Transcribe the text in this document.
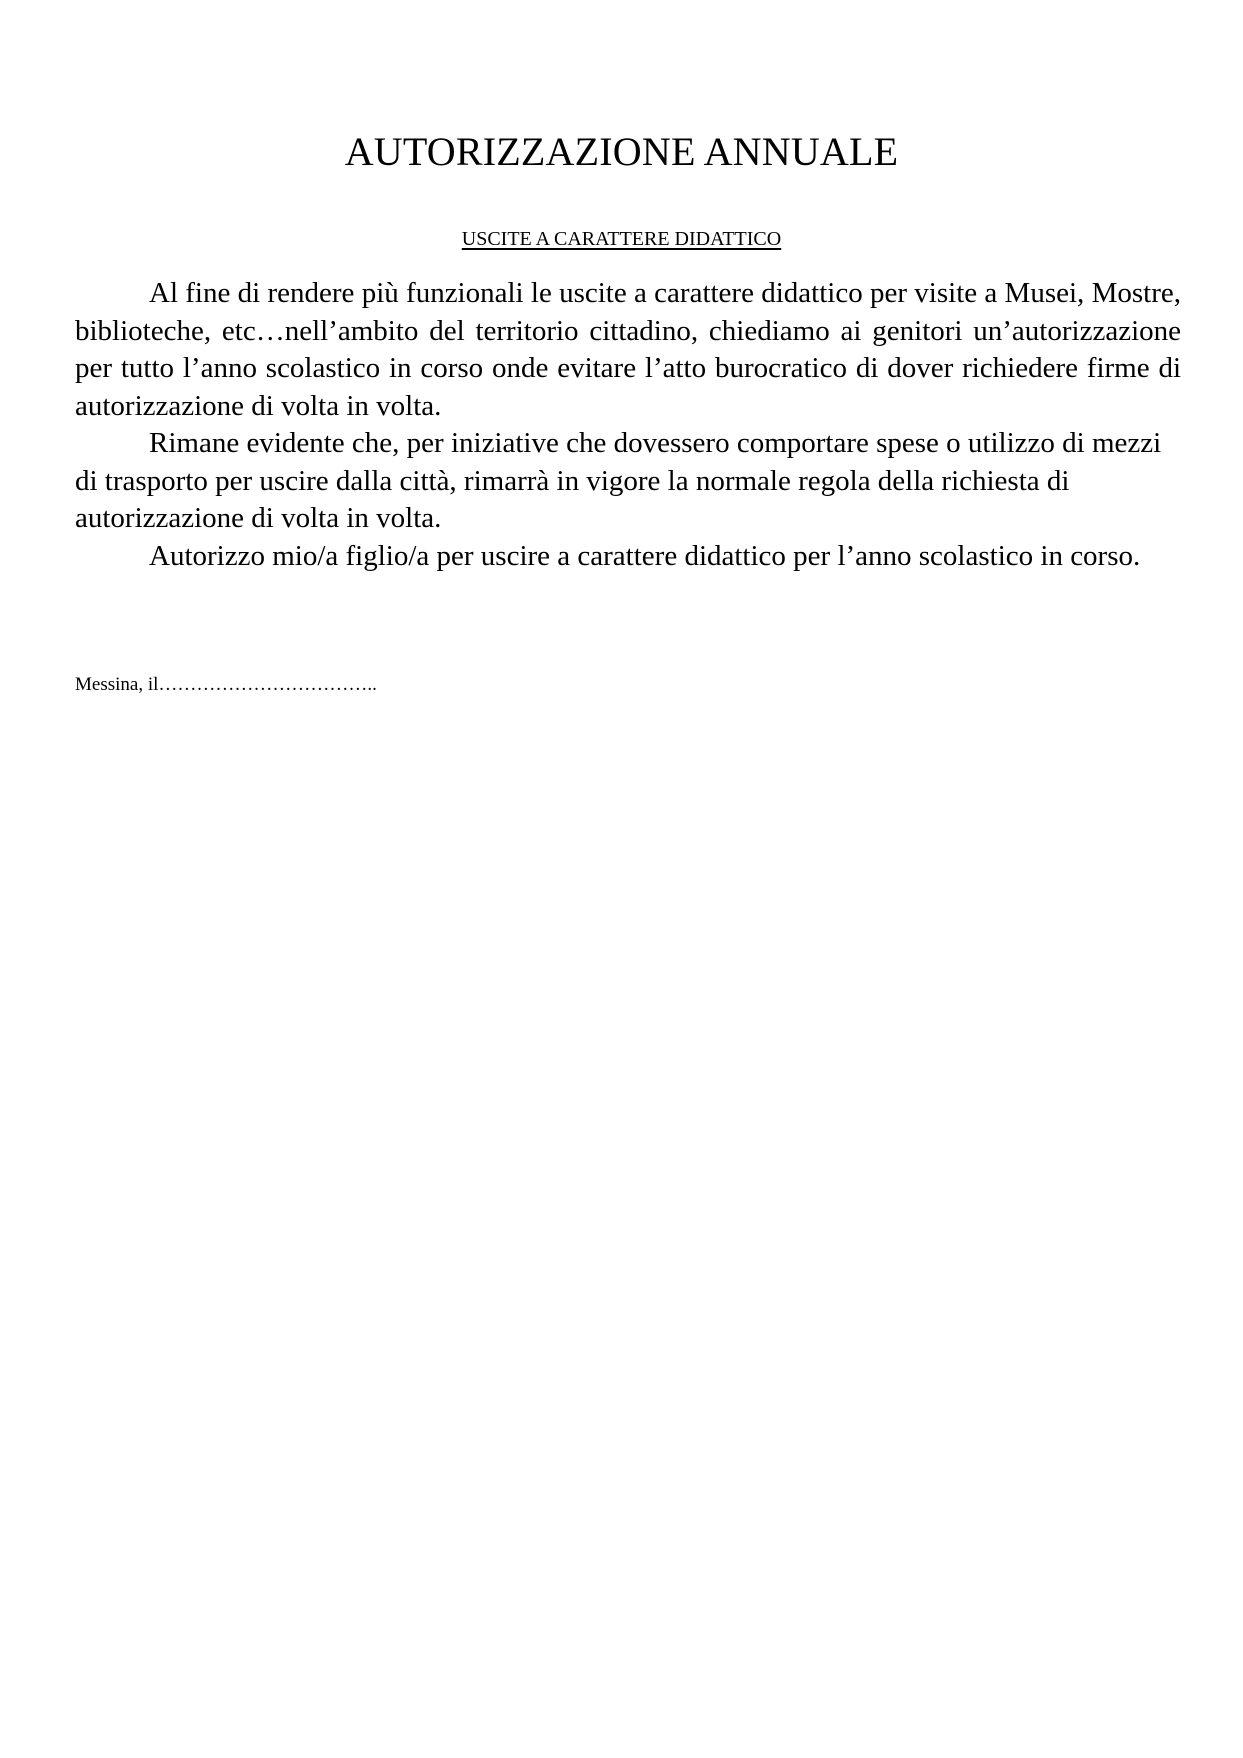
AUTORIZZAZIONE ANNUALE
USCITE A CARATTERE DIDATTICO

Al fine di rendere più funzionali le uscite a carattere didattico per visite a Musei, Mostre, biblioteche, etc…nell’ambito del territorio cittadino, chiediamo ai genitori un’autorizzazione per tutto l’anno scolastico in corso onde evitare l’atto burocratico di dover richiedere firme di autorizzazione di volta in volta.

Rimane evidente che, per iniziative che dovessero comportare spese o utilizzo di mezzi di trasporto per uscire dalla città, rimarrà in vigore la normale regola della richiesta di autorizzazione di volta in volta.

Autorizzo mio/a figlio/a per uscire a carattere didattico per l’anno scolastico in corso.

Messina, il……………………………..
